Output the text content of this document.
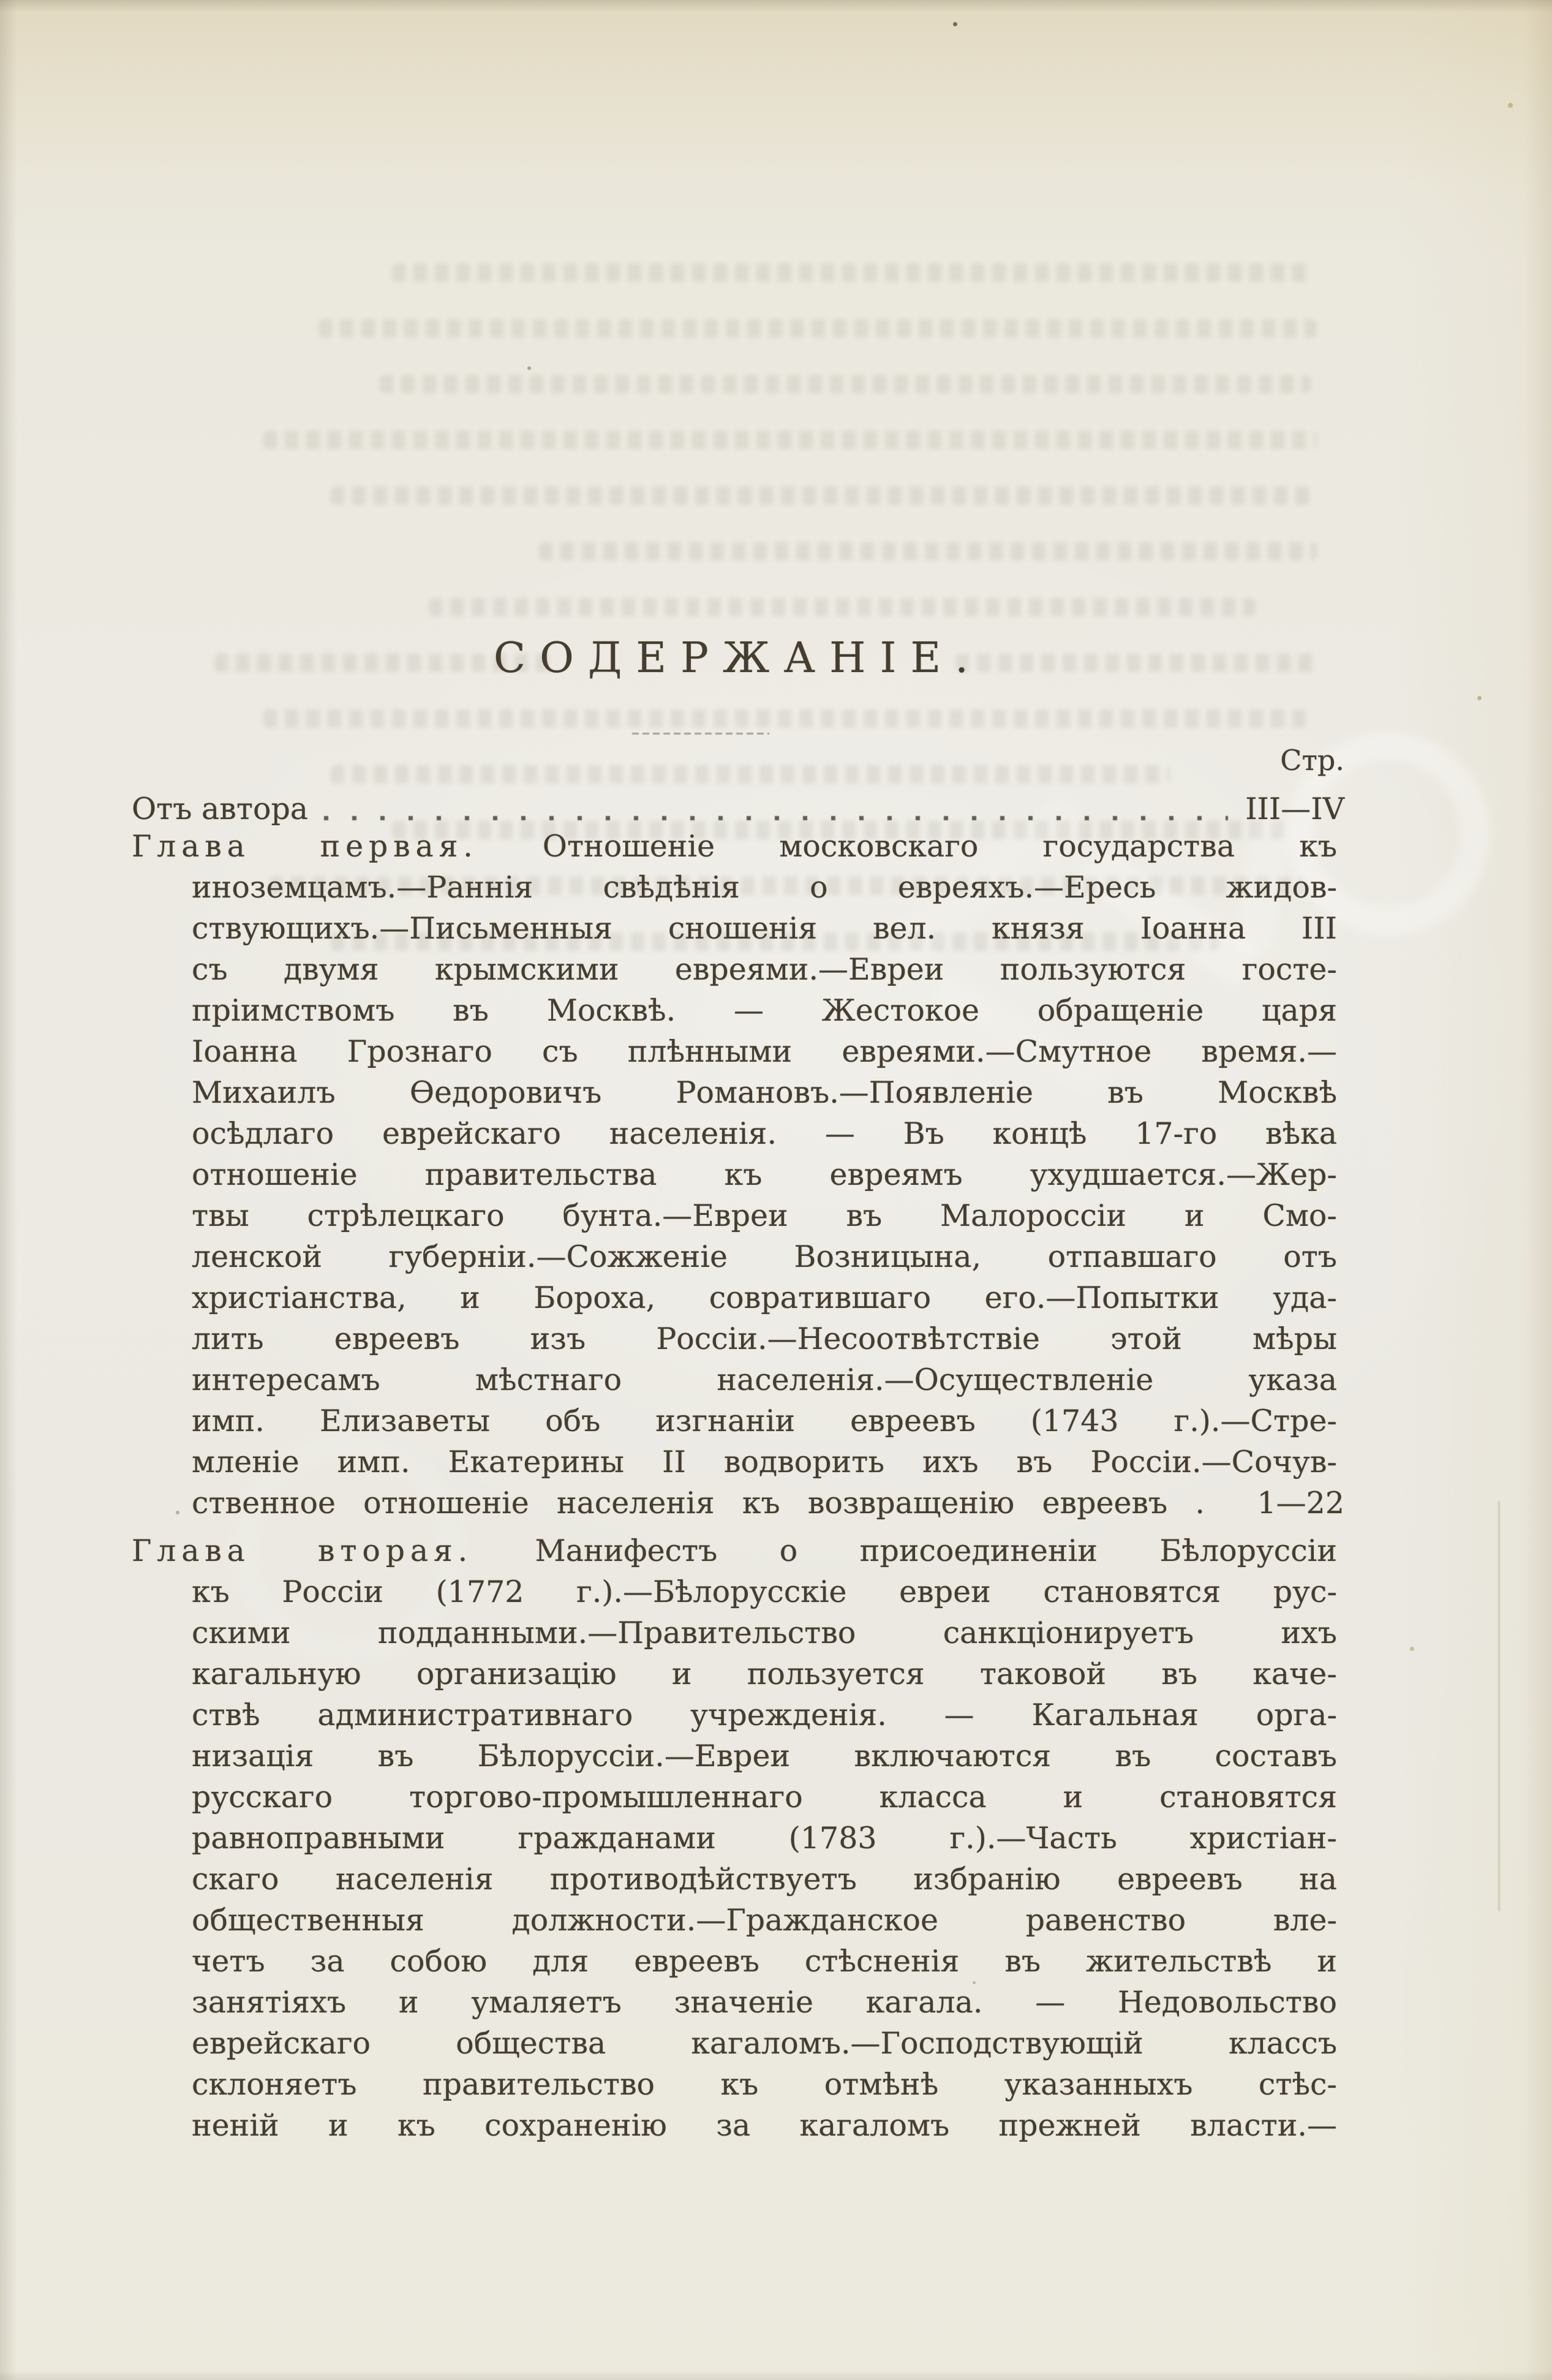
СОДЕРЖАНІЕ.
Стр.
Отъ автора	III—IV
Глава первая. Отношеніе московскаго государства къ
иноземцамъ.—Раннія свѣдѣнія о евреяхъ.—Ересь жидов-
ствующихъ.—Письменныя сношенія вел. князя Іоанна III
съ двумя крымскими евреями.—Евреи пользуются госте-
пріимствомъ въ Москвѣ. — Жестокое обращеніе царя
Іоанна Грознаго съ плѣнными евреями.—Смутное время.—
Михаилъ Ѳедоровичъ Романовъ.—Появленіе въ Москвѣ
осѣдлаго еврейскаго населенія. — Въ концѣ 17-го вѣка
отношеніе правительства къ евреямъ ухудшается.—Жер-
твы стрѣлецкаго бунта.—Евреи въ Малороссіи и Смо-
ленской губерніи.—Сожженіе Возницына, отпавшаго отъ
христіанства, и Бороха, совратившаго его.—Попытки уда-
лить евреевъ изъ Россіи.—Несоотвѣтствіе этой мѣры
интересамъ мѣстнаго населенія.—Осуществленіе указа
имп. Елизаветы объ изгнаніи евреевъ (1743 г.).—Стре-
мленіе имп. Екатерины II водворить ихъ въ Россіи.—Сочув-
ственное отношеніе населенія къ возвращенію евреевъ .	1—22
Глава вторая. Манифестъ о присоединеніи Бѣлоруссіи
къ Россіи (1772 г.).—Бѣлорусскіе евреи становятся рус-
скими подданными.—Правительство санкціонируетъ ихъ
кагальную организацію и пользуется таковой въ каче-
ствѣ административнаго учрежденія. — Кагальная орга-
низація въ Бѣлоруссіи.—Евреи включаются въ составъ
русскаго торгово-промышленнаго класса и становятся
равноправными гражданами (1783 г.).—Часть христіан-
скаго населенія противодѣйствуетъ избранію евреевъ на
общественныя должности.—Гражданское равенство вле-
четъ за собою для евреевъ стѣсненія въ жительствѣ и
занятіяхъ и умаляетъ значеніе кагала. — Недовольство
еврейскаго общества кагаломъ.—Господствующій классъ
склоняетъ правительство къ отмѣнѣ указанныхъ стѣс-
неній и къ сохраненію за кагаломъ прежней власти.—
